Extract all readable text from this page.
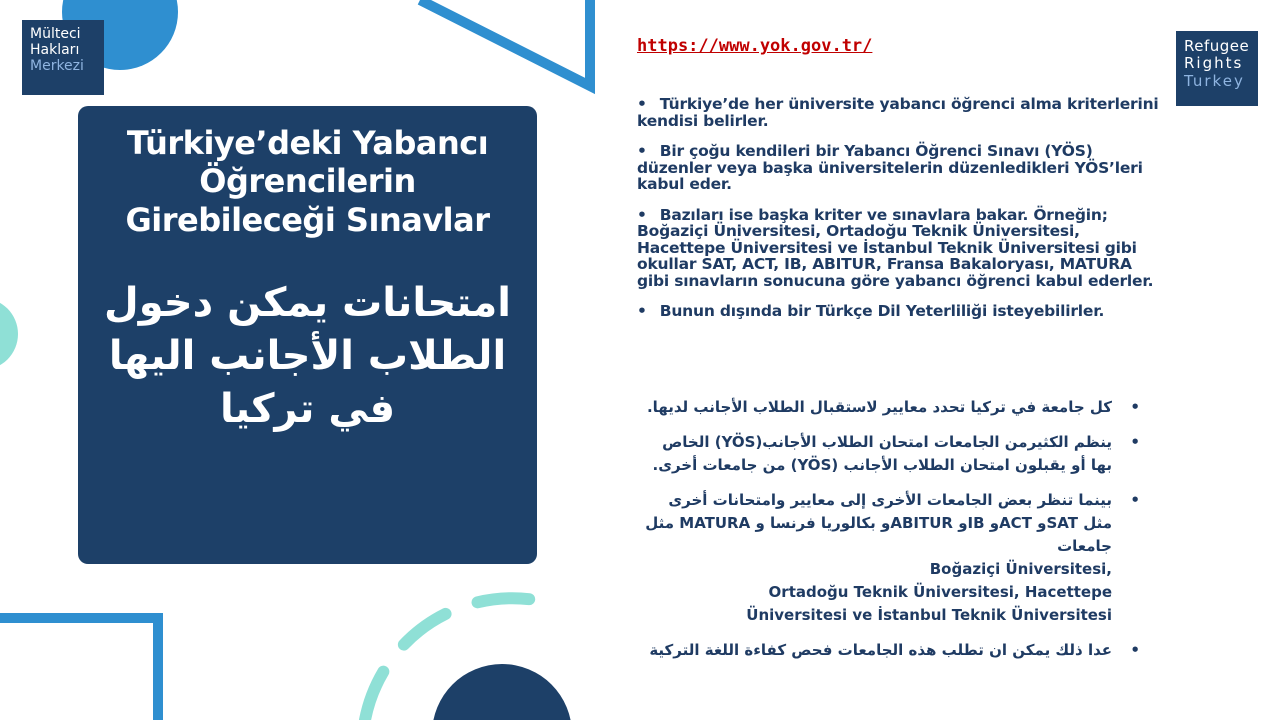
Mülteci
Hakları
Merkezi
Refugee
Rights
Turkey
Türkiye’deki Yabancı Öğrencilerin Girebileceği Sınavlar
امتحانات يمكن دخول الطلاب الأجانب اليها في تركيا
https://www.yok.gov.tr/
• Türkiye’de her üniversite yabancı öğrenci alma kriterlerini kendisi belirler.
• Bir çoğu kendileri bir Yabancı Öğrenci Sınavı (YÖS) düzenler veya başka üniversitelerin düzenledikleri YÖS’leri kabul eder.
• Bazıları ise başka kriter ve sınavlara bakar. Örneğin; Boğaziçi Üniversitesi, Ortadoğu Teknik Üniversitesi, Hacettepe Üniversitesi ve İstanbul Teknik Üniversitesi gibi okullar SAT, ACT, IB, ABITUR, Fransa Bakaloryası, MATURA gibi sınavların sonucuna göre yabancı öğrenci kabul ederler.
• Bunun dışında bir Türkçe Dil Yeterliliği isteyebilirler.
•
كل جامعة في تركيا تحدد معايير لاستقبال الطلاب الأجانب لديها.
•
ينظم الكثيرمن الجامعات امتحان الطلاب الأجانب(YÖS) الخاص بها أو يقبلون امتحان الطلاب الأجانب (YÖS) من جامعات أخرى.
•
بينما تنظر بعض الجامعات الأخرى إلى معايير وامتحانات أخرى مثل SATو ACTو IBو ABITURو بكالوريا فرنسا و MATURA مثل جامعات
Boğaziçi Üniversitesi,
Ortadoğu Teknik Üniversitesi, Hacettepe
Üniversitesi ve İstanbul Teknik Üniversitesi
•
عدا ذلك يمكن ان تطلب هذه الجامعات فحص كفاءة اللغة التركية
